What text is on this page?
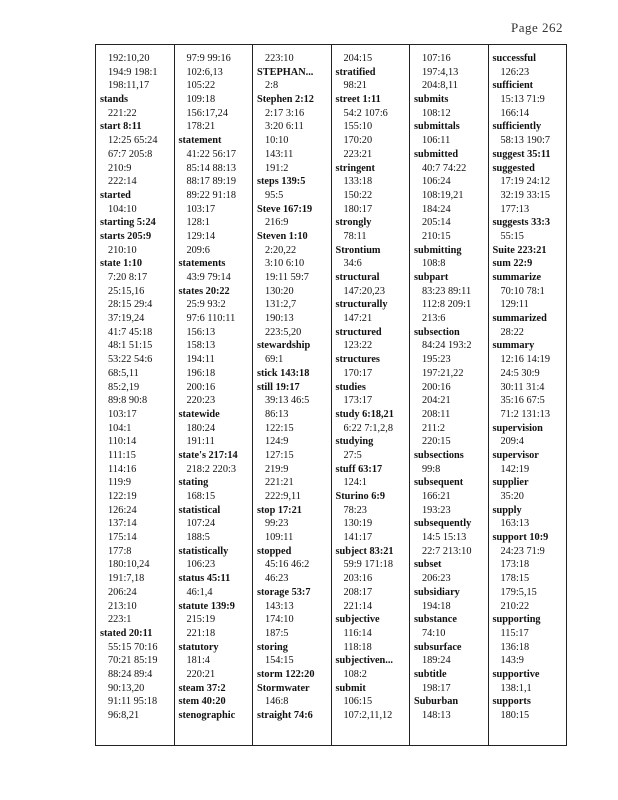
Page 262
192:10,20
194:9 198:1
198:11,17
stands
221:22
start 8:11
12:25 65:24
67:7 205:8
210:9
222:14
started
104:10
starting 5:24
starts 205:9
210:10
state 1:10
7:20 8:17
25:15,16
28:15 29:4
37:19,24
41:7 45:18
48:1 51:15
53:22 54:6
68:5,11
85:2,19
89:8 90:8
103:17
104:1
110:14
111:15
114:16
119:9
122:19
126:24
137:14
175:14
177:8
180:10,24
191:7,18
206:24
213:10
223:1
stated 20:11
55:15 70:16
70:21 85:19
88:24 89:4
90:13,20
91:11 95:18
96:8,21
97:9 99:16
102:6,13
105:22
109:18
156:17,24
178:21
statement
41:22 56:17
85:14 88:13
88:17 89:19
89:22 91:18
103:17
128:1
129:14
209:6
statements
43:9 79:14
states 20:22
25:9 93:2
97:6 110:11
156:13
158:13
194:11
196:18
200:16
220:23
statewide
180:24
191:11
state's 217:14
218:2 220:3
stating
168:15
statistical
107:24
188:5
statistically
106:23
status 45:11
46:1,4
statute 139:9
215:19
221:18
statutory
181:4
220:21
steam 37:2
stem 40:20
stenographic
223:10
STEPHAN...
2:8
Stephen 2:12
2:17 3:16
3:20 6:11
10:10
143:11
191:2
steps 139:5
95:5
Steve 167:19
216:9
Steven 1:10
2:20,22
3:10 6:10
19:11 59:7
130:20
131:2,7
190:13
223:5,20
stewardship
69:1
stick 143:18
still 19:17
39:13 46:5
86:13
122:15
124:9
127:15
219:9
221:21
222:9,11
stop 17:21
99:23
109:11
stopped
45:16 46:2
46:23
storage 53:7
143:13
174:10
187:5
storing
154:15
storm 122:20
Stormwater
146:8
straight 74:6
204:15
stratified
98:21
street 1:11
54:2 107:6
155:10
170:20
223:21
stringent
133:18
150:22
180:17
strongly
78:11
Strontium
34:6
structural
147:20,23
structurally
147:21
structured
123:22
structures
170:17
studies
173:17
study 6:18,21
6:22 7:1,2,8
studying
27:5
stuff 63:17
124:1
Sturino 6:9
78:23
130:19
141:17
subject 83:21
59:9 171:18
203:16
208:17
221:14
subjective
116:14
118:18
subjectiven...
108:2
submit
106:15
107:2,11,12
107:16
197:4,13
204:8,11
submits
108:12
submittals
106:11
submitted
40:7 74:22
106:24
108:19,21
184:24
205:14
210:15
submitting
108:8
subpart
83:23 89:11
112:8 209:1
213:6
subsection
84:24 193:2
195:23
197:21,22
200:16
204:21
208:11
211:2
220:15
subsections
99:8
subsequent
166:21
193:23
subsequently
14:5 15:13
22:7 213:10
subset
206:23
subsidiary
194:18
substance
74:10
subsurface
189:24
subtitle
198:17
Suburban
148:13
successful
126:23
sufficient
15:13 71:9
166:14
sufficiently
58:13 190:7
suggest 35:11
suggested
17:19 24:12
32:19 33:15
177:13
suggests 33:3
55:15
Suite 223:21
sum 22:9
summarize
70:10 78:1
129:11
summarized
28:22
summary
12:16 14:19
24:5 30:9
30:11 31:4
35:16 67:5
71:2 131:13
supervision
209:4
supervisor
142:19
supplier
35:20
supply
163:13
support 10:9
24:23 71:9
173:18
178:15
179:5,15
210:22
supporting
115:17
136:18
143:9
supportive
138:1,1
supports
180:15
